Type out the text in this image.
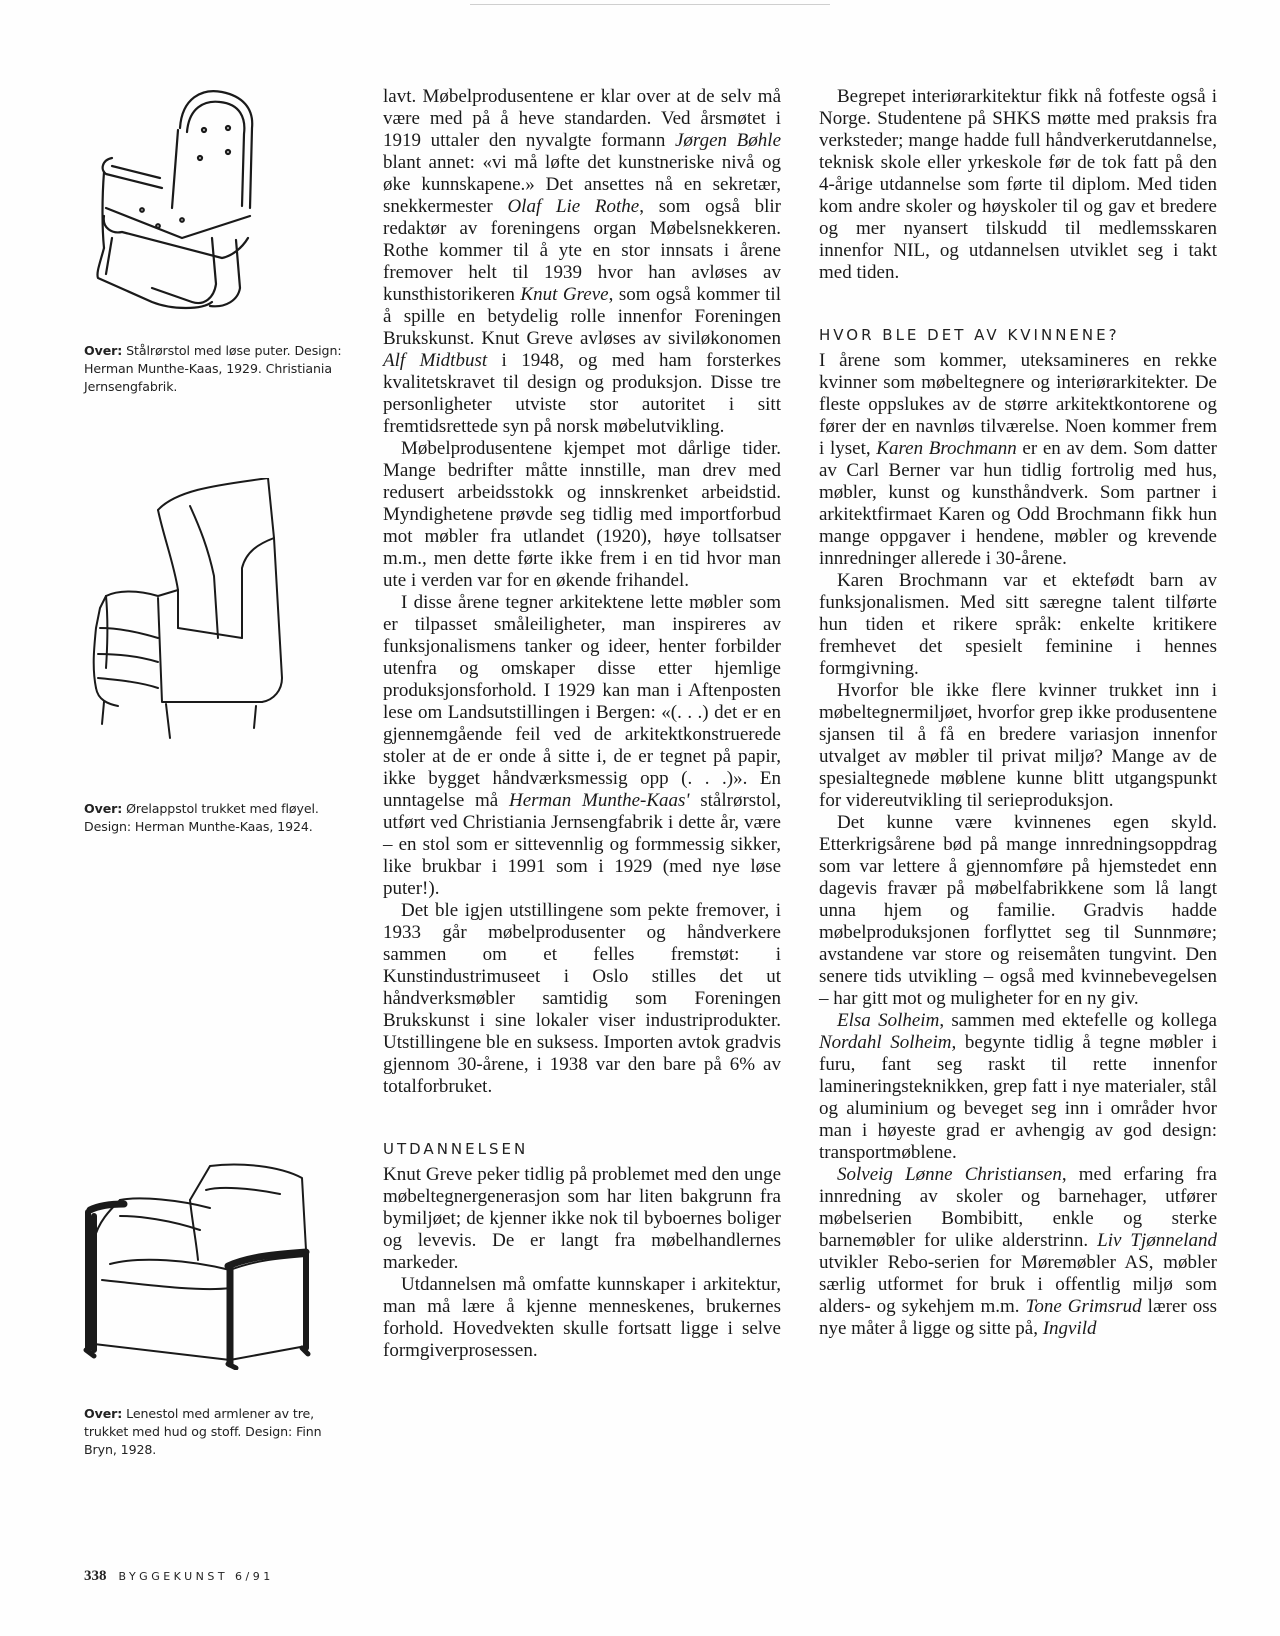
Over: Stålrørstol med løse puter. Design: Herman Munthe-Kaas, 1929. Christiania Jernsengfabrik.
Over: Ørelappstol trukket med fløyel. Design: Herman Munthe-Kaas, 1924.
Over: Lenestol med armlener av tre, trukket med hud og stoff. Design: Finn Bryn, 1928.

lavt. Møbelprodusentene er klar over at de selv må være med på å heve standarden. Ved årsmøtet i 1919 uttaler den nyvalgte formann Jørgen Bøhle blant annet: «vi må løfte det kunstneriske nivå og øke kunnskapene.» Det ansettes nå en sekretær, snekkermester Olaf Lie Rothe, som også blir redaktør av foreningens organ Møbelsnekkeren. Rothe kommer til å yte en stor innsats i årene fremover helt til 1939 hvor han avløses av kunsthistorikeren Knut Greve, som også kommer til å spille en betydelig rolle innenfor Foreningen Brukskunst. Knut Greve avløses av siviløkonomen Alf Midtbust i 1948, og med ham forsterkes kvalitetskravet til design og produksjon. Disse tre personligheter utviste stor autoritet i sitt fremtidsrettede syn på norsk møbelutvikling.

Møbelprodusentene kjempet mot dårlige tider. Mange bedrifter måtte innstille, man drev med redusert arbeidsstokk og innskrenket arbeidstid. Myndighetene prøvde seg tidlig med importforbud mot møbler fra utlandet (1920), høye tollsatser m.m., men dette førte ikke frem i en tid hvor man ute i verden var for en økende frihandel.

I disse årene tegner arkitektene lette møbler som er tilpasset småleiligheter, man inspireres av funksjonalismens tanker og ideer, henter forbilder utenfra og omskaper disse etter hjemlige produksjonsforhold. I 1929 kan man i Aftenposten lese om Landsutstillingen i Bergen: «(. . .) det er en gjennemgående feil ved de arkitektkonstruerede stoler at de er onde å sitte i, de er tegnet på papir, ikke bygget håndværksmessig opp (. . .)». En unntagelse må Herman Munthe-Kaas' stålrørstol, utført ved Christiania Jernsengfabrik i dette år, være – en stol som er sittevennlig og formmessig sikker, like brukbar i 1991 som i 1929 (med nye løse puter!).

Det ble igjen utstillingene som pekte fremover, i 1933 går møbelprodusenter og håndverkere sammen om et felles fremstøt: i Kunstindustrimuseet i Oslo stilles det ut håndverksmøbler samtidig som Foreningen Brukskunst i sine lokaler viser industriprodukter. Utstillingene ble en suksess. Importen avtok gradvis gjennom 30-årene, i 1938 var den bare på 6% av totalforbruket.

UTDANNELSEN

Knut Greve peker tidlig på problemet med den unge møbeltegnergenerasjon som har liten bakgrunn fra bymiljøet; de kjenner ikke nok til byboernes boliger og levevis. De er langt fra møbelhandlernes markeder.

Utdannelsen må omfatte kunnskaper i arkitektur, man må lære å kjenne menneskenes, brukernes forhold. Hovedvekten skulle fortsatt ligge i selve formgiverprosessen.

Begrepet interiørarkitektur fikk nå fotfeste også i Norge. Studentene på SHKS møtte med praksis fra verksteder; mange hadde full håndverkerutdannelse, teknisk skole eller yrkeskole før de tok fatt på den 4-årige utdannelse som førte til diplom. Med tiden kom andre skoler og høyskoler til og gav et bredere og mer nyansert tilskudd til medlemsskaren innenfor NIL, og utdannelsen utviklet seg i takt med tiden.

HVOR BLE DET AV KVINNENE?

I årene som kommer, uteksamineres en rekke kvinner som møbeltegnere og interiørarkitekter. De fleste oppslukes av de større arkitektkontorene og fører der en navnløs tilværelse. Noen kommer frem i lyset, Karen Brochmann er en av dem. Som datter av Carl Berner var hun tidlig fortrolig med hus, møbler, kunst og kunsthåndverk. Som partner i arkitektfirmaet Karen og Odd Brochmann fikk hun mange oppgaver i hendene, møbler og krevende innredninger allerede i 30-årene.

Karen Brochmann var et ektefødt barn av funksjonalismen. Med sitt særegne talent tilførte hun tiden et rikere språk: enkelte kritikere fremhevet det spesielt feminine i hennes formgivning.

Hvorfor ble ikke flere kvinner trukket inn i møbeltegnermiljøet, hvorfor grep ikke produsentene sjansen til å få en bredere variasjon innenfor utvalget av møbler til privat miljø? Mange av de spesialtegnede møblene kunne blitt utgangspunkt for videreutvikling til serieproduksjon.

Det kunne være kvinnenes egen skyld. Etterkrigsårene bød på mange innredningsoppdrag som var lettere å gjennomføre på hjemstedet enn dagevis fravær på møbelfabrikkene som lå langt unna hjem og familie. Gradvis hadde møbelproduksjonen forflyttet seg til Sunnmøre; avstandene var store og reisemåten tungvint. Den senere tids utvikling – også med kvinnebevegelsen – har gitt mot og muligheter for en ny giv.

Elsa Solheim, sammen med ektefelle og kollega Nordahl Solheim, begynte tidlig å tegne møbler i furu, fant seg raskt til rette innenfor lamineringsteknikken, grep fatt i nye materialer, stål og aluminium og beveget seg inn i områder hvor man i høyeste grad er avhengig av god design: transportmøblene.

Solveig Lønne Christiansen, med erfaring fra innredning av skoler og barnehager, utfører møbelserien Bombibitt, enkle og sterke barnemøbler for ulike alderstrinn. Liv Tjønneland utvikler Rebo-serien for Møremøbler AS, møbler særlig utformet for bruk i offentlig miljø som alders- og sykehjem m.m. Tone Grimsrud lærer oss nye måter å ligge og sitte på, Ingvild

338 BYGGEKUNST 6/91
